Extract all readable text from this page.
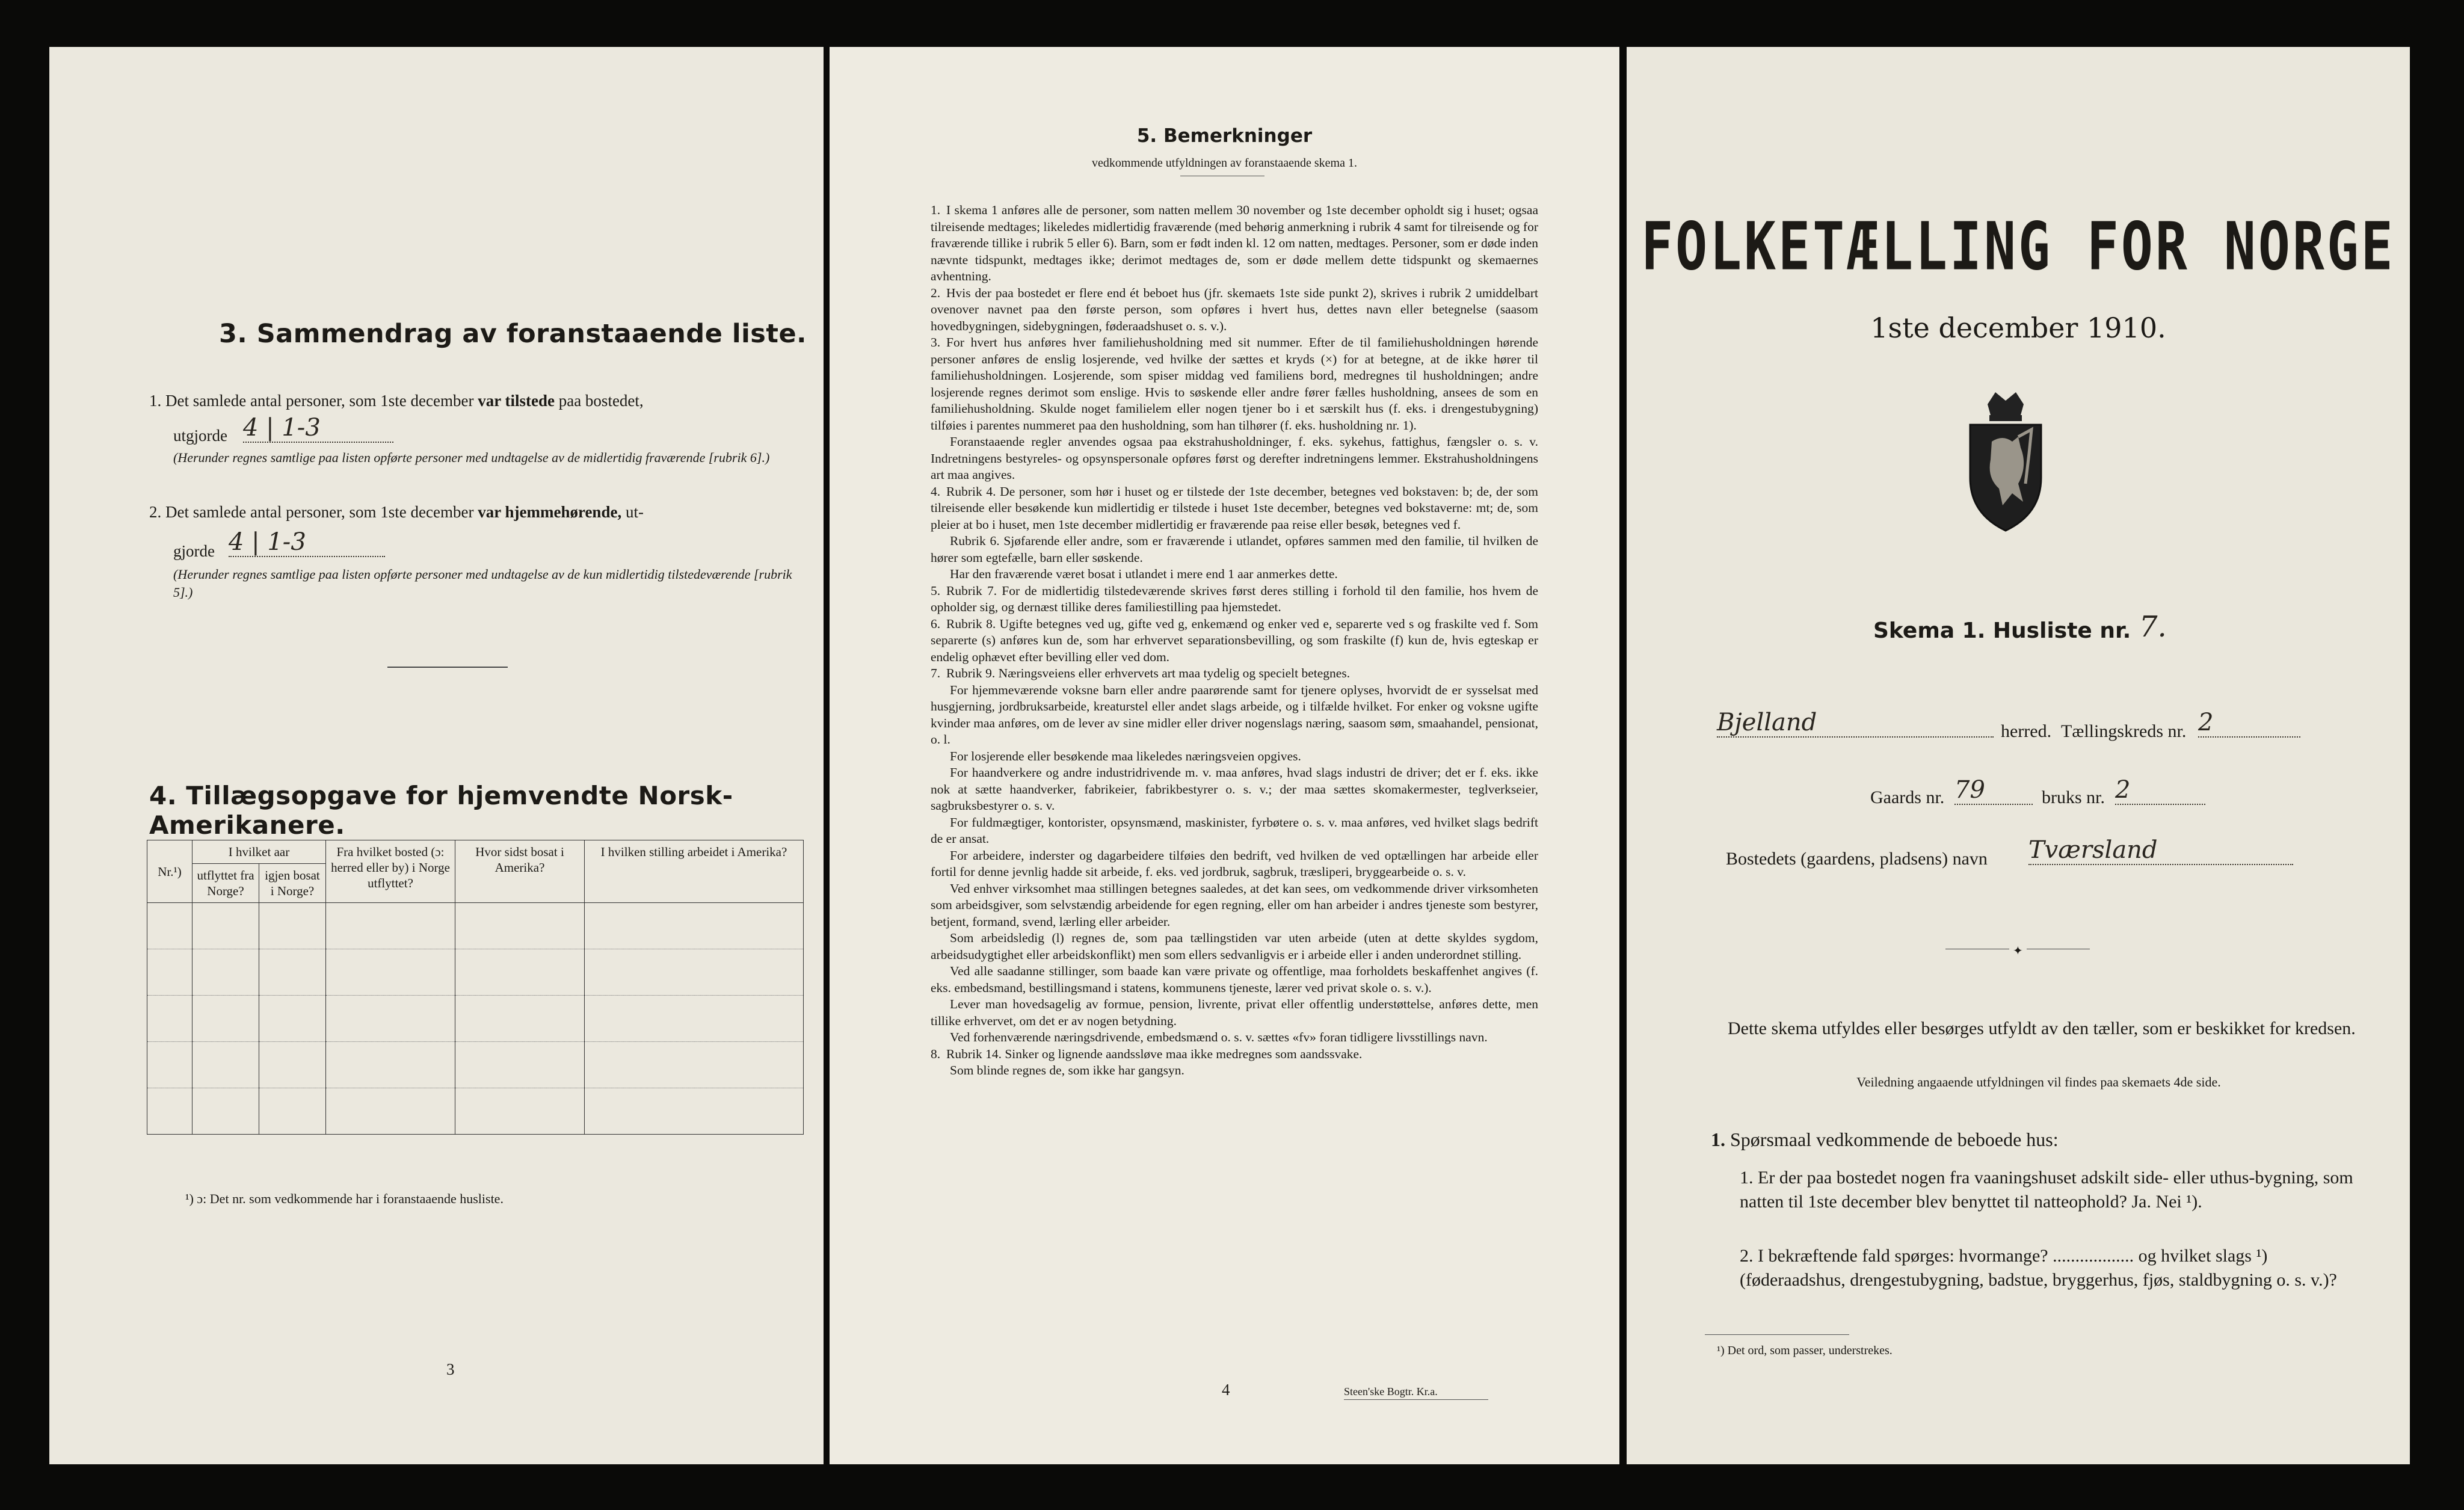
3. Sammendrag av foranstaaende liste.
1. Det samlede antal personer, som 1ste december var tilstede paa bostedet,
utgjorde 4 | 1-3
(Herunder regnes samtlige paa listen opførte personer med undtagelse av de midlertidig fraværende [rubrik 6].)
2. Det samlede antal personer, som 1ste december var hjemmehørende, ut-
gjorde 4 | 1-3
(Herunder regnes samtlige paa listen opførte personer med undtagelse av de kun midlertidig tilstedeværende [rubrik 5].)
4. Tillægsopgave for hjemvendte Norsk-Amerikanere.
Nr.¹)	I hvilket aar		Fra hvilket bosted (ɔ: herred eller by) i Norge utflyttet?	Hvor sidst bosat i Amerika?	I hvilken stilling arbeidet i Amerika?
	utflyttet fra Norge?	igjen bosat i Norge?			

¹) ɔ: Det nr. som vedkommende har i foranstaaende husliste.
3
5. Bemerkninger
vedkommende utfyldningen av foranstaaende skema 1.

1. I skema 1 anføres alle de personer, som natten mellem 30 november og 1ste december opholdt sig i huset; ogsaa tilreisende medtages; likeledes midlertidig fraværende (med behørig anmerkning i rubrik 4 samt for tilreisende og for fraværende tillike i rubrik 5 eller 6). Barn, som er født inden kl. 12 om natten, medtages. Personer, som er døde inden nævnte tidspunkt, medtages ikke; derimot medtages de, som er døde mellem dette tidspunkt og skemaernes avhentning.

2. Hvis der paa bostedet er flere end ét beboet hus (jfr. skemaets 1ste side punkt 2), skrives i rubrik 2 umiddelbart ovenover navnet paa den første person, som opføres i hvert hus, dettes navn eller betegnelse (saasom hovedbygningen, sidebygningen, føderaadshuset o. s. v.).

3. For hvert hus anføres hver familiehusholdning med sit nummer. Efter de til familiehusholdningen hørende personer anføres de enslig losjerende, ved hvilke der sættes et kryds (×) for at betegne, at de ikke hører til familiehusholdningen. Losjerende, som spiser middag ved familiens bord, medregnes til husholdningen; andre losjerende regnes derimot som enslige. Hvis to søskende eller andre fører fælles husholdning, ansees de som en familiehusholdning. Skulde noget familielem eller nogen tjener bo i et særskilt hus (f. eks. i drengestubygning) tilføies i parentes nummeret paa den husholdning, som han tilhører (f. eks. husholdning nr. 1).

Foranstaaende regler anvendes ogsaa paa ekstrahusholdninger, f. eks. sykehus, fattighus, fængsler o. s. v. Indretningens bestyreles- og opsynspersonale opføres først og derefter indretningens lemmer. Ekstrahusholdningens art maa angives.

4. Rubrik 4. De personer, som hør i huset og er tilstede der 1ste december, betegnes ved bokstaven: b; de, der som tilreisende eller besøkende kun midlertidig er tilstede i huset 1ste december, betegnes ved bokstaverne: mt; de, som pleier at bo i huset, men 1ste december midlertidig er fraværende paa reise eller besøk, betegnes ved f.

Rubrik 6. Sjøfarende eller andre, som er fraværende i utlandet, opføres sammen med den familie, til hvilken de hører som egtefælle, barn eller søskende.

Har den fraværende været bosat i utlandet i mere end 1 aar anmerkes dette.

5. Rubrik 7. For de midlertidig tilstedeværende skrives først deres stilling i forhold til den familie, hos hvem de opholder sig, og dernæst tillike deres familiestilling paa hjemstedet.

6. Rubrik 8. Ugifte betegnes ved ug, gifte ved g, enkemænd og enker ved e, separerte ved s og fraskilte ved f. Som separerte (s) anføres kun de, som har erhvervet separationsbevilling, og som fraskilte (f) kun de, hvis egteskap er endelig ophævet efter bevilling eller ved dom.

7. Rubrik 9. Næringsveiens eller erhvervets art maa tydelig og specielt betegnes.

For hjemmeværende voksne barn eller andre paarørende samt for tjenere oplyses, hvorvidt de er sysselsat med husgjerning, jordbruksarbeide, kreaturstel eller andet slags arbeide, og i tilfælde hvilket. For enker og voksne ugifte kvinder maa anføres, om de lever av sine midler eller driver nogenslags næring, saasom søm, smaahandel, pensionat, o. l.

For losjerende eller besøkende maa likeledes næringsveien opgives.

For haandverkere og andre industridrivende m. v. maa anføres, hvad slags industri de driver; det er f. eks. ikke nok at sætte haandverker, fabrikeier, fabrikbestyrer o. s. v.; der maa sættes skomakermester, teglverkseier, sagbruksbestyrer o. s. v.

For fuldmægtiger, kontorister, opsynsmænd, maskinister, fyrbøtere o. s. v. maa anføres, ved hvilket slags bedrift de er ansat.

For arbeidere, inderster og dagarbeidere tilføies den bedrift, ved hvilken de ved optællingen har arbeide eller fortil for denne jevnlig hadde sit arbeide, f. eks. ved jordbruk, sagbruk, træsliperi, bryggearbeide o. s. v.

Ved enhver virksomhet maa stillingen betegnes saaledes, at det kan sees, om vedkommende driver virksomheten som arbeidsgiver, som selvstændig arbeidende for egen regning, eller om han arbeider i andres tjeneste som bestyrer, betjent, formand, svend, lærling eller arbeider.

Som arbeidsledig (l) regnes de, som paa tællingstiden var uten arbeide (uten at dette skyldes sygdom, arbeidsudygtighet eller arbeidskonflikt) men som ellers sedvanligvis er i arbeide eller i anden underordnet stilling.

Ved alle saadanne stillinger, som baade kan være private og offentlige, maa forholdets beskaffenhet angives (f. eks. embedsmand, bestillingsmand i statens, kommunens tjeneste, lærer ved privat skole o. s. v.).

Lever man hovedsagelig av formue, pension, livrente, privat eller offentlig understøttelse, anføres dette, men tillike erhvervet, om det er av nogen betydning.

Ved forhenværende næringsdrivende, embedsmænd o. s. v. sættes «fv» foran tidligere livsstillings navn.

8. Rubrik 14. Sinker og lignende aandssløve maa ikke medregnes som aandssvake.

Som blinde regnes de, som ikke har gangsyn.

4	Steen'ske Bogtr. Kr.a.
FOLKETÆLLING FOR NORGE
1ste december 1910.
Skema 1. Husliste nr. 7.
Bjelland	herred. Tællingskreds nr. 2
Gaards nr. 79	bruks nr. 2
Bostedets (gaardens, pladsens) navn Tværsland
✦
Dette skema utfyldes eller besørges utfyldt av den tæller, som er beskikket for kredsen.
Veiledning angaaende utfyldningen vil findes paa skemaets 4de side.
1. Spørsmaal vedkommende de beboede hus:
1. Er der paa bostedet nogen fra vaaningshuset adskilt side- eller uthus-bygning, som natten til 1ste december blev benyttet til natteophold? Ja. Nei ¹).
2. I bekræftende fald spørges: hvormange? .................. og hvilket slags ¹) (føderaadshus, drengestubygning, badstue, bryggerhus, fjøs, staldbygning o. s. v.)?
¹) Det ord, som passer, understrekes.
